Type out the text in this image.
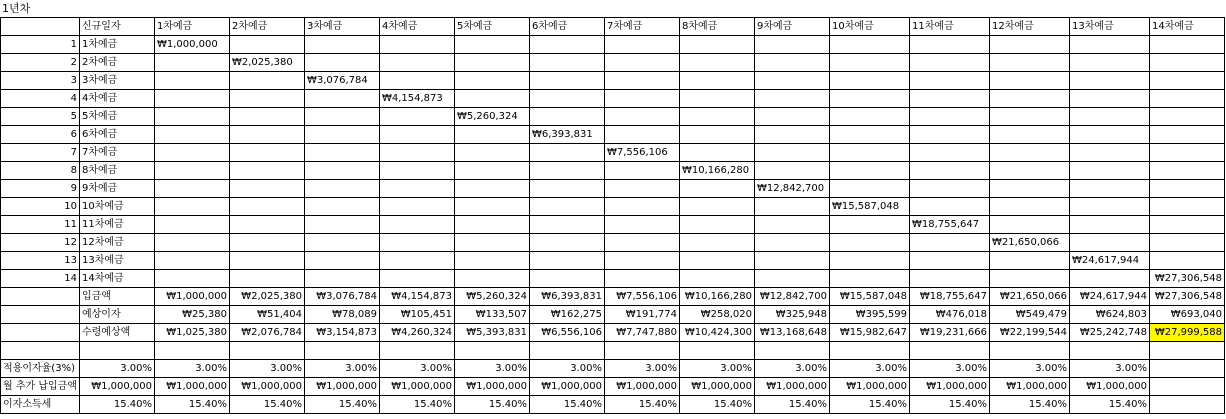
1년차
	신규일자	1차예금	2차예금	3차예금	4차예금	5차예금	6차예금	7차예금	8차예금	9차예금	10차예금	11차예금	12차예금	13차예금	14차예금
1	1차예금	₩1,000,000													
2	2차예금		₩2,025,380												
3	3차예금			₩3,076,784											
4	4차예금				₩4,154,873										
5	5차예금					₩5,260,324									
6	6차예금						₩6,393,831								
7	7차예금							₩7,556,106							
8	8차예금								₩10,166,280						
9	9차예금									₩12,842,700					
10	10차예금										₩15,587,048				
11	11차예금											₩18,755,647			
12	12차예금												₩21,650,066		
13	13차예금													₩24,617,944	
14	14차예금														₩27,306,548
	입금액	₩1,000,000	₩2,025,380	₩3,076,784	₩4,154,873	₩5,260,324	₩6,393,831	₩7,556,106	₩10,166,280	₩12,842,700	₩15,587,048	₩18,755,647	₩21,650,066	₩24,617,944	₩27,306,548
	예상이자	₩25,380	₩51,404	₩78,089	₩105,451	₩133,507	₩162,275	₩191,774	₩258,020	₩325,948	₩395,599	₩476,018	₩549,479	₩624,803	₩693,040
	수령예상액	₩1,025,380	₩2,076,784	₩3,154,873	₩4,260,324	₩5,393,831	₩6,556,106	₩7,747,880	₩10,424,300	₩13,168,648	₩15,982,647	₩19,231,666	₩22,199,544	₩25,242,748	₩27,999,588

적용이자율(3%)	3.00%	3.00%	3.00%	3.00%	3.00%	3.00%	3.00%	3.00%	3.00%	3.00%	3.00%	3.00%	3.00%	3.00%	
월 추가 납입금액	₩1,000,000	₩1,000,000	₩1,000,000	₩1,000,000	₩1,000,000	₩1,000,000	₩1,000,000	₩1,000,000	₩1,000,000	₩1,000,000	₩1,000,000	₩1,000,000	₩1,000,000	₩1,000,000	
이자소득세	15.40%	15.40%	15.40%	15.40%	15.40%	15.40%	15.40%	15.40%	15.40%	15.40%	15.40%	15.40%	15.40%	15.40%	
